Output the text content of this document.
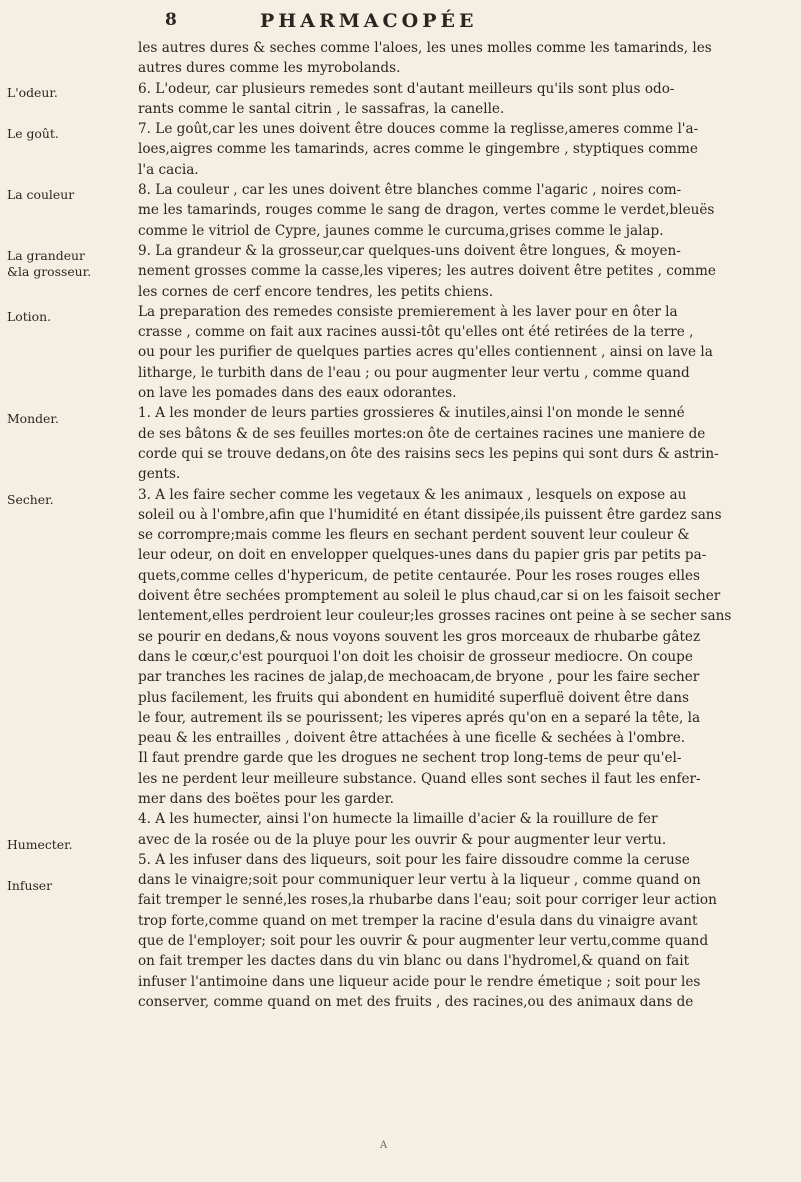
8	PHARMACOPÉE
L'odeur.
Le goût.
La couleur
La grandeur
&la grosseur.
Lotion.
Monder.
Secher.
Humecter.
Infuser
les autres dures & seches comme l'aloes, les unes molles comme les tamarinds, les
autres dures comme les myrobolands.
6. L'odeur, car plusieurs remedes sont d'autant meilleurs qu'ils sont plus odo-
rants comme le santal citrin , le sassafras, la canelle.
7. Le goût,car les unes doivent être douces comme la reglisse,ameres comme l'a-
loes,aigres comme les tamarinds, acres comme le gingembre , styptiques comme
l'a cacia.
8. La couleur , car les unes doivent être blanches comme l'agaric , noires com-
me les tamarinds, rouges comme le sang de dragon, vertes comme le verdet,bleuës
comme le vitriol de Cypre, jaunes comme le curcuma,grises comme le jalap.
9. La grandeur & la grosseur,car quelques-uns doivent être longues, & moyen-
nement grosses comme la casse,les viperes; les autres doivent être petites , comme
les cornes de cerf encore tendres, les petits chiens.
La preparation des remedes consiste premierement à les laver pour en ôter la
crasse , comme on fait aux racines aussi-tôt qu'elles ont été retirées de la terre ,
ou pour les purifier de quelques parties acres qu'elles contiennent , ainsi on lave la
litharge, le turbith dans de l'eau ; ou pour augmenter leur vertu , comme quand
on lave les pomades dans des eaux odorantes.
1. A les monder de leurs parties grossieres & inutiles,ainsi l'on monde le senné
de ses bâtons & de ses feuilles mortes:on ôte de certaines racines une maniere de
corde qui se trouve dedans,on ôte des raisins secs les pepins qui sont durs & astrin-
gents.
3. A les faire secher comme les vegetaux & les animaux , lesquels on expose au
soleil ou à l'ombre,afin que l'humidité en étant dissipée,ils puissent être gardez sans
se corrompre;mais comme les fleurs en sechant perdent souvent leur couleur &
leur odeur, on doit en envelopper quelques-unes dans du papier gris par petits pa-
quets,comme celles d'hypericum, de petite centaurée. Pour les roses rouges elles
doivent être sechées promptement au soleil le plus chaud,car si on les faisoit secher
lentement,elles perdroient leur couleur;les grosses racines ont peine à se secher sans
se pourir en dedans,& nous voyons souvent les gros morceaux de rhubarbe gâtez
dans le cœur,c'est pourquoi l'on doit les choisir de grosseur mediocre. On coupe
par tranches les racines de jalap,de mechoacam,de bryone , pour les faire secher
plus facilement, les fruits qui abondent en humidité superfluë doivent être dans
le four, autrement ils se pourissent; les viperes aprés qu'on en a separé la tête, la
peau & les entrailles , doivent être attachées à une ficelle & sechées à l'ombre.
Il faut prendre garde que les drogues ne sechent trop long-tems de peur qu'el-
les ne perdent leur meilleure substance. Quand elles sont seches il faut les enfer-
mer dans des boëtes pour les garder.
4. A les humecter, ainsi l'on humecte la limaille d'acier & la rouillure de fer
avec de la rosée ou de la pluye pour les ouvrir & pour augmenter leur vertu.
5. A les infuser dans des liqueurs, soit pour les faire dissoudre comme la ceruse
dans le vinaigre;soit pour communiquer leur vertu à la liqueur , comme quand on
fait tremper le senné,les roses,la rhubarbe dans l'eau; soit pour corriger leur action
trop forte,comme quand on met tremper la racine d'esula dans du vinaigre avant
que de l'employer; soit pour les ouvrir & pour augmenter leur vertu,comme quand
on fait tremper les dactes dans du vin blanc ou dans l'hydromel,& quand on fait
infuser l'antimoine dans une liqueur acide pour le rendre émetique ; soit pour les
conserver, comme quand on met des fruits , des racines,ou des animaux dans de
A
